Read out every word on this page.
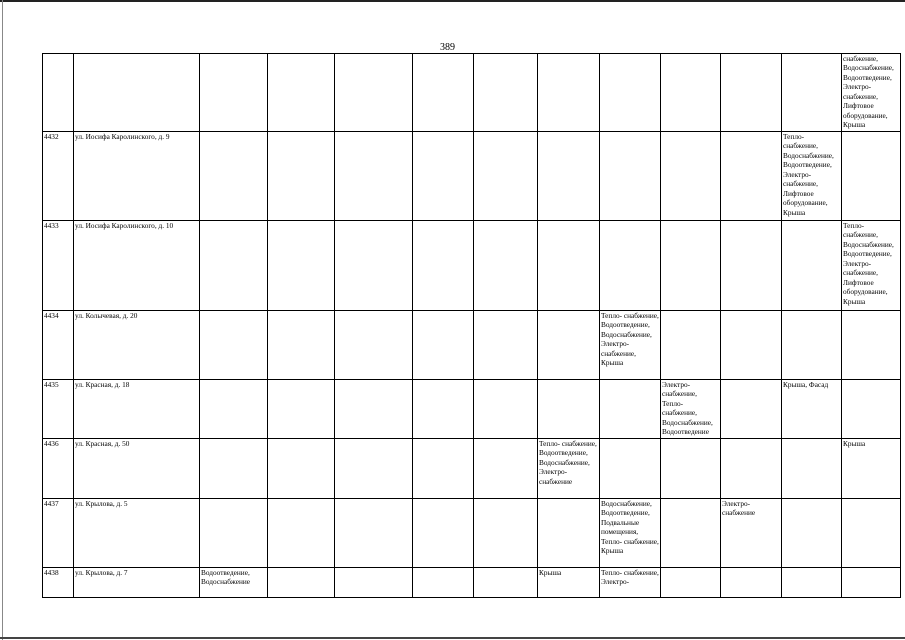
389
												снабжение, Водоснабжение, Водоотведение, Электро- снабжение, Лифтовое оборудование, Крыша
4432	ул. Иосифа Каролинского, д. 9										Тепло- снабжение, Водоснабжение, Водоотведение, Электро- снабжение, Лифтовое оборудование, Крыша	
4433	ул. Иосифа Каролинского, д. 10											Тепло- снабжение, Водоснабжение, Водоотведение, Электро- снабжение, Лифтовое оборудование, Крыша
4434	ул. Колычевая, д. 20							Тепло- снабжение, Водоотведение, Водоснабжение, Электро- снабжение, Крыша				
4435	ул. Красная, д. 18								Электро- снабжение, Тепло- снабжение, Водоснабжение, Водоотведение		Крыша, Фасад	
4436	ул. Красная, д. 50						Тепло- снабжение, Водоотведение, Водоснабжение, Электро- снабжение					Крыша
4437	ул. Крылова, д. 5							Водоснабжение, Водоотведение, Подвальные помещения, Тепло- снабжение, Крыша		Электро- снабжение		
4438	ул. Крылова, д. 7	Водоотведение, Водоснабжение					Крыша	Тепло- снабжение, Электро-				
